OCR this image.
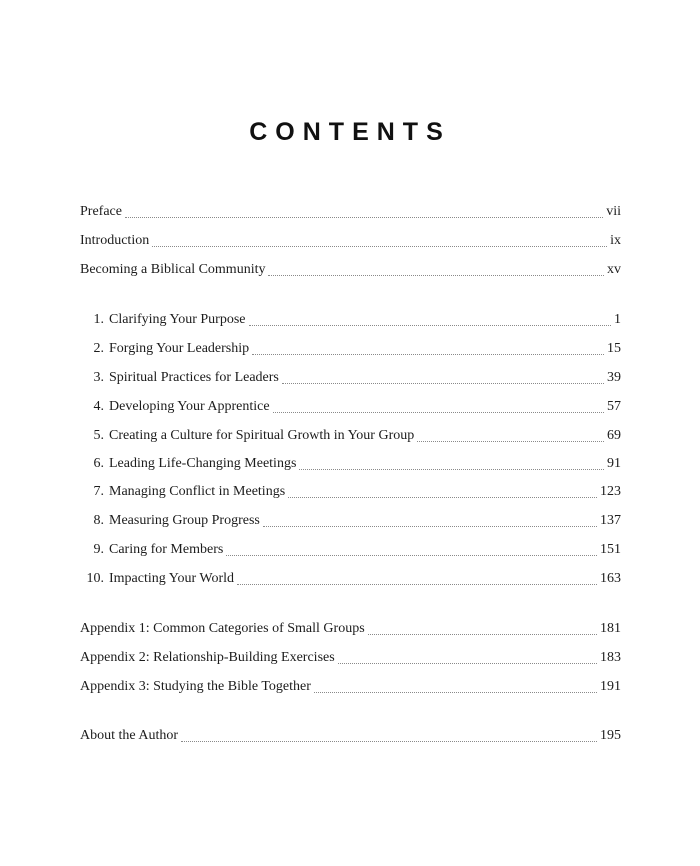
CONTENTS
Preface	vii
Introduction	ix
Becoming a Biblical Community	xv
1. Clarifying Your Purpose	1
2. Forging Your Leadership	15
3. Spiritual Practices for Leaders	39
4. Developing Your Apprentice	57
5. Creating a Culture for Spiritual Growth in Your Group	69
6. Leading Life-Changing Meetings	91
7. Managing Conflict in Meetings	123
8. Measuring Group Progress	137
9. Caring for Members	151
10. Impacting Your World	163
Appendix 1: Common Categories of Small Groups	181
Appendix 2: Relationship-Building Exercises	183
Appendix 3: Studying the Bible Together	191
About the Author	195
